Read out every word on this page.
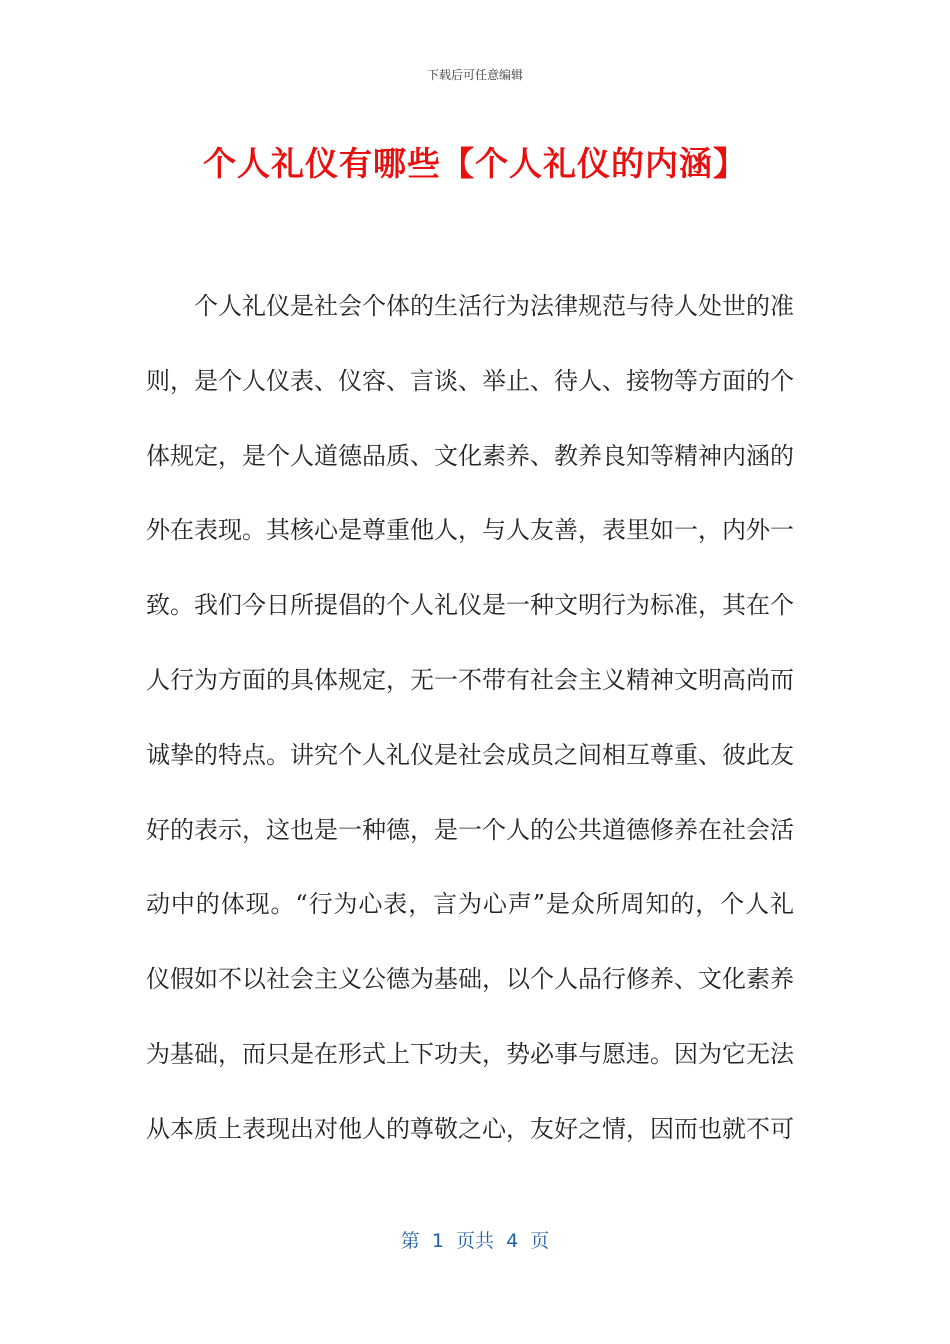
下载后可任意编辑
个人礼仪有哪些【个人礼仪的内涵】
个人礼仪是社会个体的生活行为法律规范与待人处世的准
则，是个人仪表、仪容、言谈、举止、待人、接物等方面的个
体规定，是个人道德品质、文化素养、教养良知等精神内涵的
外在表现。其核心是尊重他人，与人友善，表里如一，内外一
致。我们今日所提倡的个人礼仪是一种文明行为标准，其在个
人行为方面的具体规定，无一不带有社会主义精神文明高尚而
诚挚的特点。讲究个人礼仪是社会成员之间相互尊重、彼此友
好的表示，这也是一种德，是一个人的公共道德修养在社会活
动中的体现。“行为心表，言为心声”是众所周知的，个人礼
仪假如不以社会主义公德为基础，以个人品行修养、文化素养
为基础，而只是在形式上下功夫，势必事与愿违。因为它无法
从本质上表现出对他人的尊敬之心，友好之情，因而也就不可
第  1  页共  4  页
